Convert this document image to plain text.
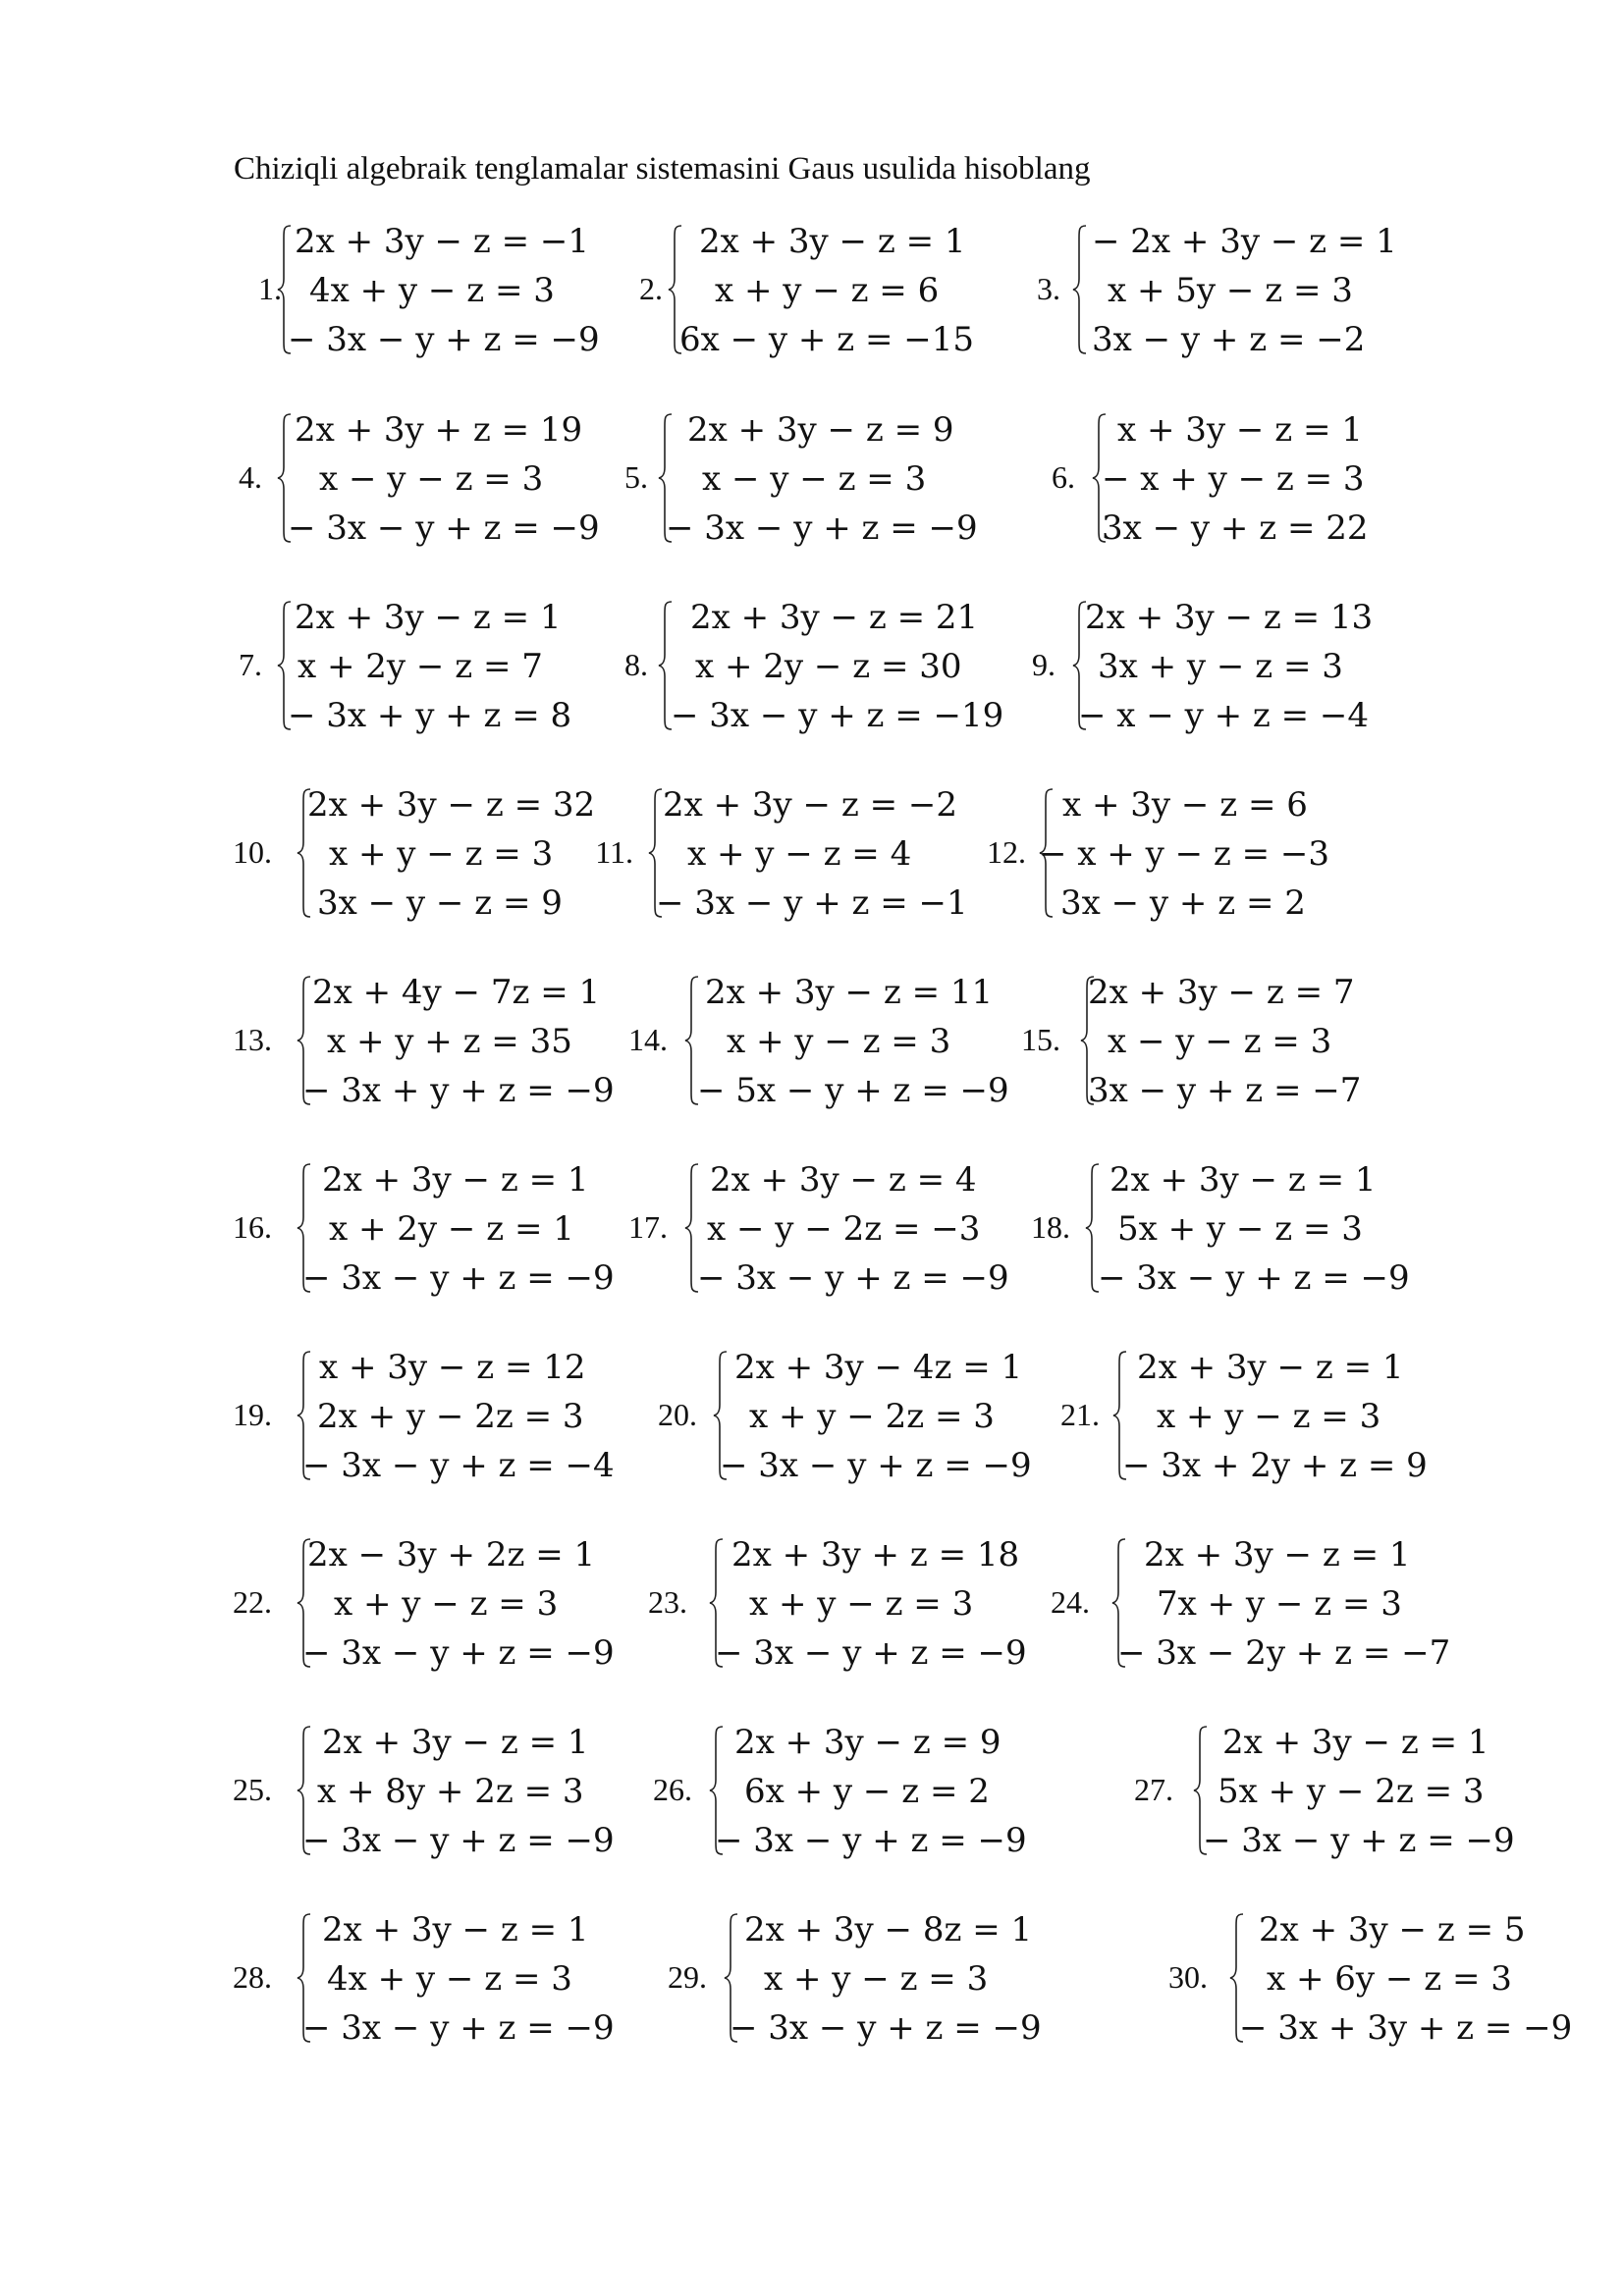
Chiziqli algebraik tenglamalar sistemasini Gaus usulida hisoblang
1.
2x + 3y − z = −1
4x + y − z = 3
− 3x − y + z = −9
2.
2x + 3y − z = 1
x + y − z = 6
6x − y + z = −15
3.
− 2x + 3y − z = 1
x + 5y − z = 3
3x − y + z = −2
4.
2x + 3y + z = 19
x − y − z = 3
− 3x − y + z = −9
5.
2x + 3y − z = 9
x − y − z = 3
− 3x − y + z = −9
6.
x + 3y − z = 1
− x + y − z = 3
3x − y + z = 22
7.
2x + 3y − z = 1
x + 2y − z = 7
− 3x + y + z = 8
8.
2x + 3y − z = 21
x + 2y − z = 30
− 3x − y + z = −19
9.
2x + 3y − z = 13
3x + y − z = 3
− x − y + z = −4
10.
2x + 3y − z = 32
x + y − z = 3
3x − y − z = 9
11.
2x + 3y − z = −2
x + y − z = 4
− 3x − y + z = −1
12.
x + 3y − z = 6
− x + y − z = −3
3x − y + z = 2
13.
2x + 4y − 7z = 1
x + y + z = 35
− 3x + y + z = −9
14.
2x + 3y − z = 11
x + y − z = 3
− 5x − y + z = −9
15.
2x + 3y − z = 7
x − y − z = 3
3x − y + z = −7
16.
2x + 3y − z = 1
x + 2y − z = 1
− 3x − y + z = −9
17.
2x + 3y − z = 4
x − y − 2z = −3
− 3x − y + z = −9
18.
2x + 3y − z = 1
5x + y − z = 3
− 3x − y + z = −9
19.
x + 3y − z = 12
2x + y − 2z = 3
− 3x − y + z = −4
20.
2x + 3y − 4z = 1
x + y − 2z = 3
− 3x − y + z = −9
21.
2x + 3y − z = 1
x + y − z = 3
− 3x + 2y + z = 9
22.
2x − 3y + 2z = 1
x + y − z = 3
− 3x − y + z = −9
23.
2x + 3y + z = 18
x + y − z = 3
− 3x − y + z = −9
24.
2x + 3y − z = 1
7x + y − z = 3
− 3x − 2y + z = −7
25.
2x + 3y − z = 1
x + 8y + 2z = 3
− 3x − y + z = −9
26.
2x + 3y − z = 9
6x + y − z = 2
− 3x − y + z = −9
27.
2x + 3y − z = 1
5x + y − 2z = 3
− 3x − y + z = −9
28.
2x + 3y − z = 1
4x + y − z = 3
− 3x − y + z = −9
29.
2x + 3y − 8z = 1
x + y − z = 3
− 3x − y + z = −9
30.
2x + 3y − z = 5
x + 6y − z = 3
− 3x + 3y + z = −9
